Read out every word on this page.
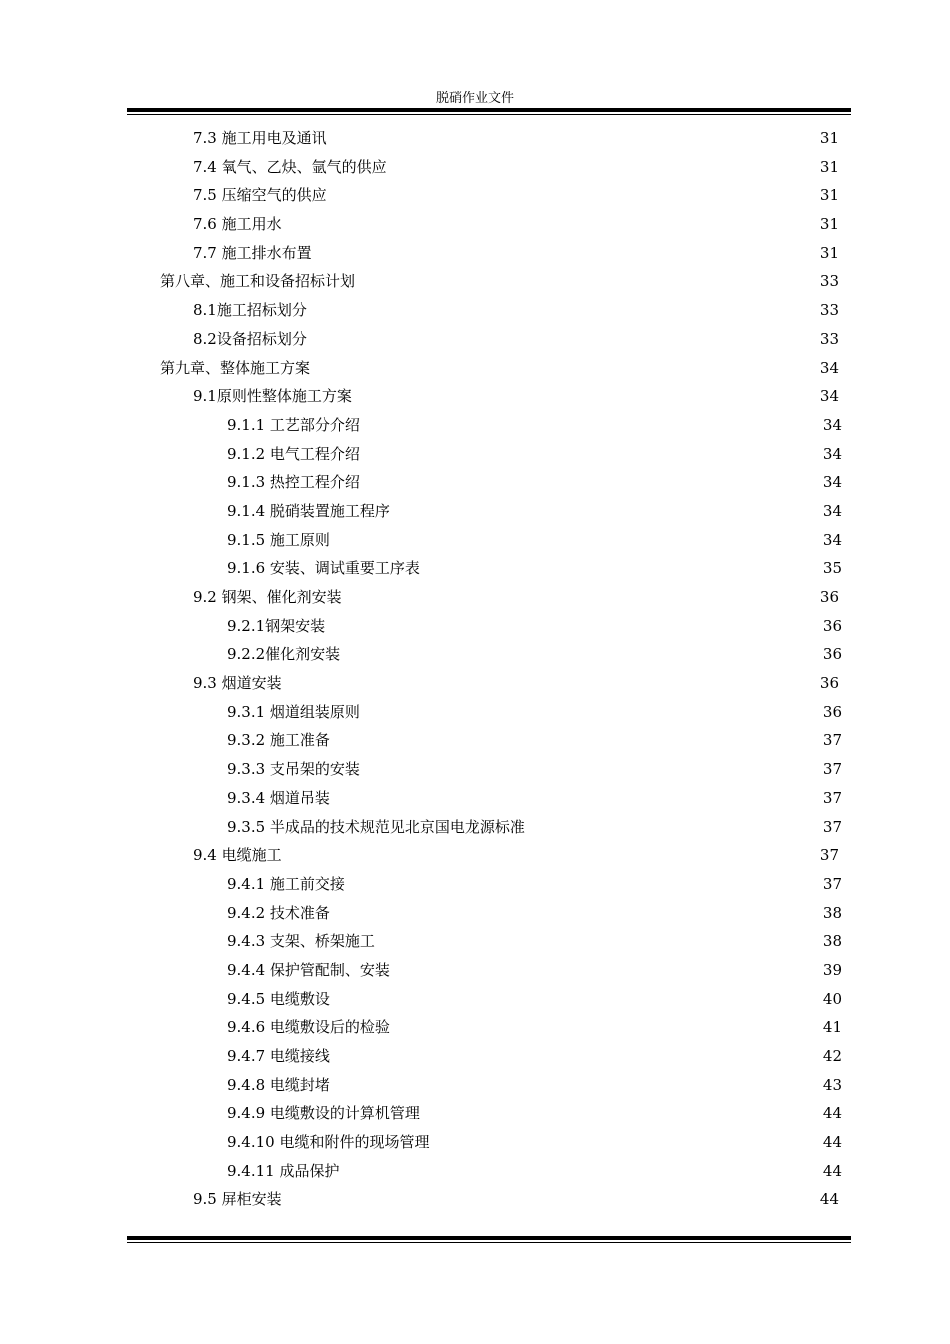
脱硝作业文件
7.3 施工用电及通讯	31
7.4 氧气、乙炔、氩气的供应	31
7.5 压缩空气的供应	31
7.6 施工用水	31
7.7 施工排水布置	31
第八章、施工和设备招标计划	33
8.1施工招标划分	33
8.2设备招标划分	33
第九章、整体施工方案	34
9.1原则性整体施工方案	34
9.1.1 工艺部分介绍	34
9.1.2 电气工程介绍	34
9.1.3 热控工程介绍	34
9.1.4 脱硝装置施工程序	34
9.1.5 施工原则	34
9.1.6 安装、调试重要工序表	35
9.2 钢架、催化剂安装	36
9.2.1钢架安装	36
9.2.2催化剂安装	36
9.3 烟道安装	36
9.3.1 烟道组装原则	36
9.3.2 施工准备	37
9.3.3 支吊架的安装	37
9.3.4 烟道吊装	37
9.3.5 半成品的技术规范见北京国电龙源标准	37
9.4 电缆施工	37
9.4.1 施工前交接	37
9.4.2 技术准备	38
9.4.3 支架、桥架施工	38
9.4.4 保护管配制、安装	39
9.4.5 电缆敷设	40
9.4.6 电缆敷设后的检验	41
9.4.7 电缆接线	42
9.4.8 电缆封堵	43
9.4.9 电缆敷设的计算机管理	44
9.4.10 电缆和附件的现场管理	44
9.4.11 成品保护	44
9.5 屏柜安装	44
